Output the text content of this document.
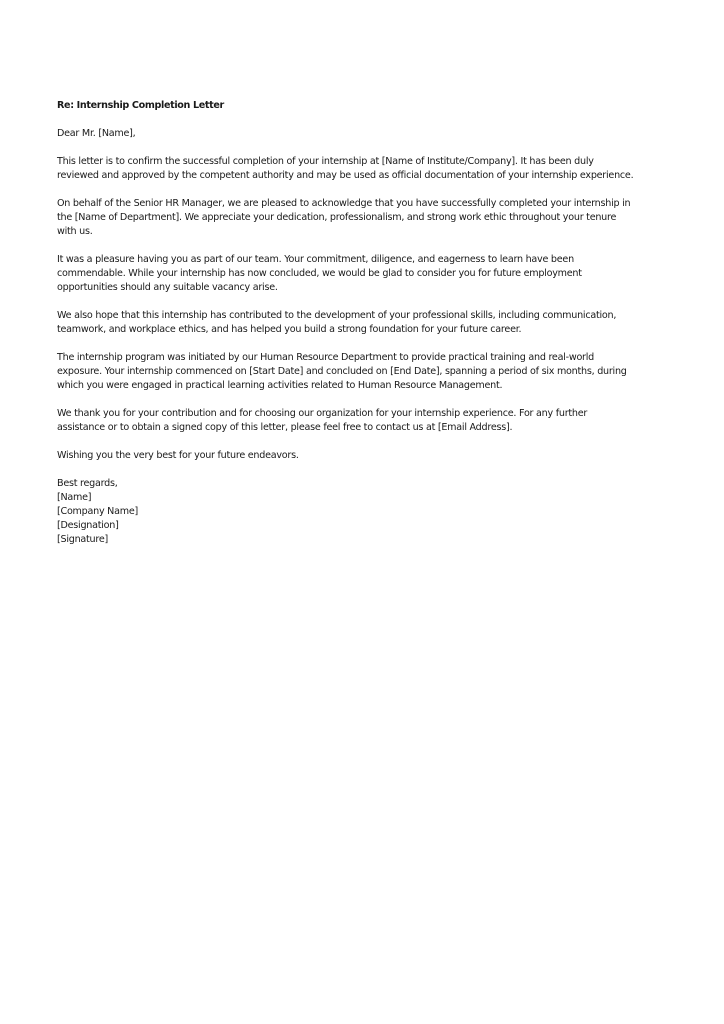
Re: Internship Completion Letter

Dear Mr. [Name],

This letter is to confirm the successful completion of your internship at [Name of Institute/Company]. It has been duly reviewed and approved by the competent authority and may be used as official documentation of your internship experience.

On behalf of the Senior HR Manager, we are pleased to acknowledge that you have successfully completed your internship in the [Name of Department]. We appreciate your dedication, professionalism, and strong work ethic throughout your tenure with us.

It was a pleasure having you as part of our team. Your commitment, diligence, and eagerness to learn have been commendable. While your internship has now concluded, we would be glad to consider you for future employment opportunities should any suitable vacancy arise.

We also hope that this internship has contributed to the development of your professional skills, including communication, teamwork, and workplace ethics, and has helped you build a strong foundation for your future career.

The internship program was initiated by our Human Resource Department to provide practical training and real-world exposure. Your internship commenced on [Start Date] and concluded on [End Date], spanning a period of six months, during which you were engaged in practical learning activities related to Human Resource Management.

We thank you for your contribution and for choosing our organization for your internship experience. For any further assistance or to obtain a signed copy of this letter, please feel free to contact us at [Email Address].

Wishing you the very best for your future endeavors.

Best regards,
[Name]
[Company Name]
[Designation]
[Signature]
